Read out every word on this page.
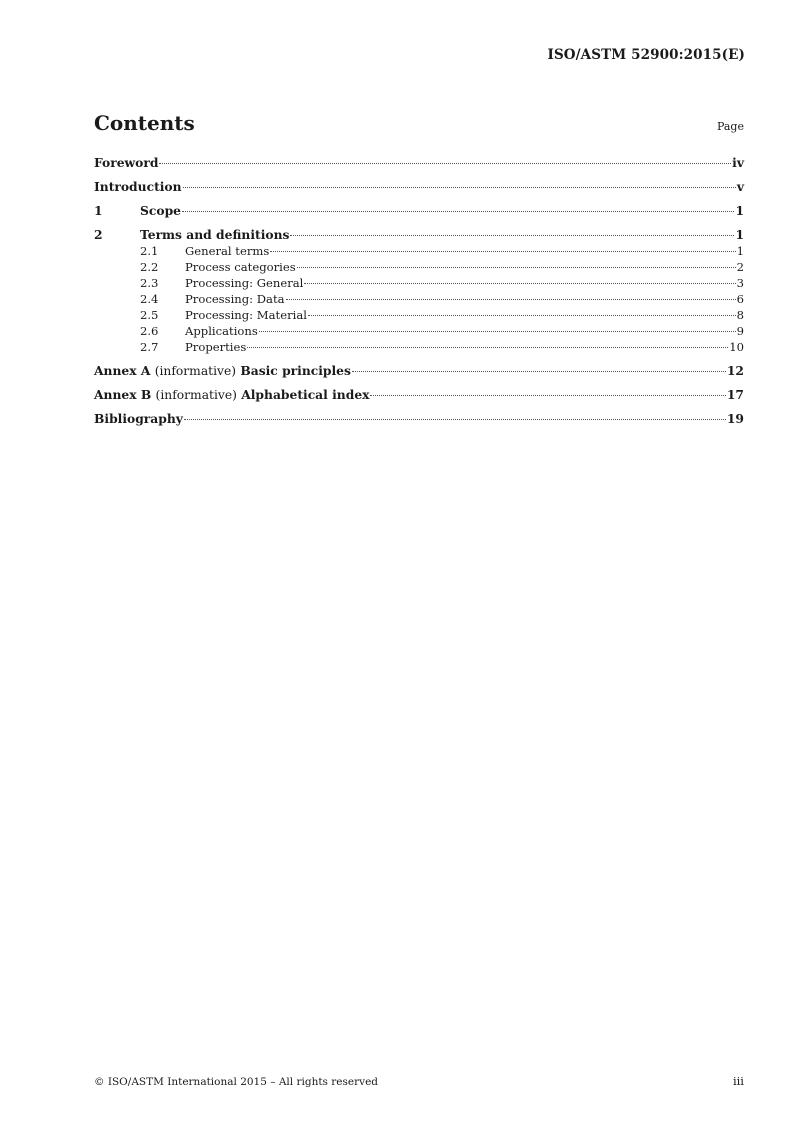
ISO/ASTM 52900:2015(E)
Contents	Page
Foreword	iv
Introduction	v
1	Scope	1
2	Terms and definitions	1
2.1	General terms	1
2.2	Process categories	2
2.3	Processing: General	3
2.4	Processing: Data	6
2.5	Processing: Material	8
2.6	Applications	9
2.7	Properties	10
Annex A (informative) Basic principles	12
Annex B (informative) Alphabetical index	17
Bibliography	19
© ISO/ASTM International 2015 – All rights reserved	iii
